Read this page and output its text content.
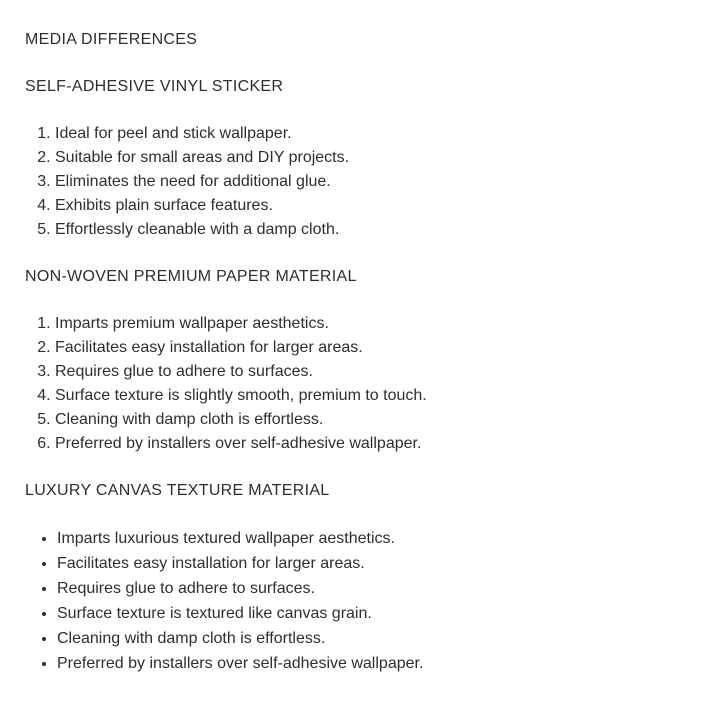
MEDIA DIFFERENCES

SELF-ADHESIVE VINYL STICKER

1. Ideal for peel and stick wallpaper.
2. Suitable for small areas and DIY projects.
3. Eliminates the need for additional glue.
4. Exhibits plain surface features.
5. Effortlessly cleanable with a damp cloth.

NON-WOVEN PREMIUM PAPER MATERIAL

1. Imparts premium wallpaper aesthetics.
2. Facilitates easy installation for larger areas.
3. Requires glue to adhere to surfaces.
4. Surface texture is slightly smooth, premium to touch.
5. Cleaning with damp cloth is effortless.
6. Preferred by installers over self-adhesive wallpaper.

LUXURY CANVAS TEXTURE MATERIAL

• Imparts luxurious textured wallpaper aesthetics.
• Facilitates easy installation for larger areas.
• Requires glue to adhere to surfaces.
• Surface texture is textured like canvas grain.
• Cleaning with damp cloth is effortless.
• Preferred by installers over self-adhesive wallpaper.
